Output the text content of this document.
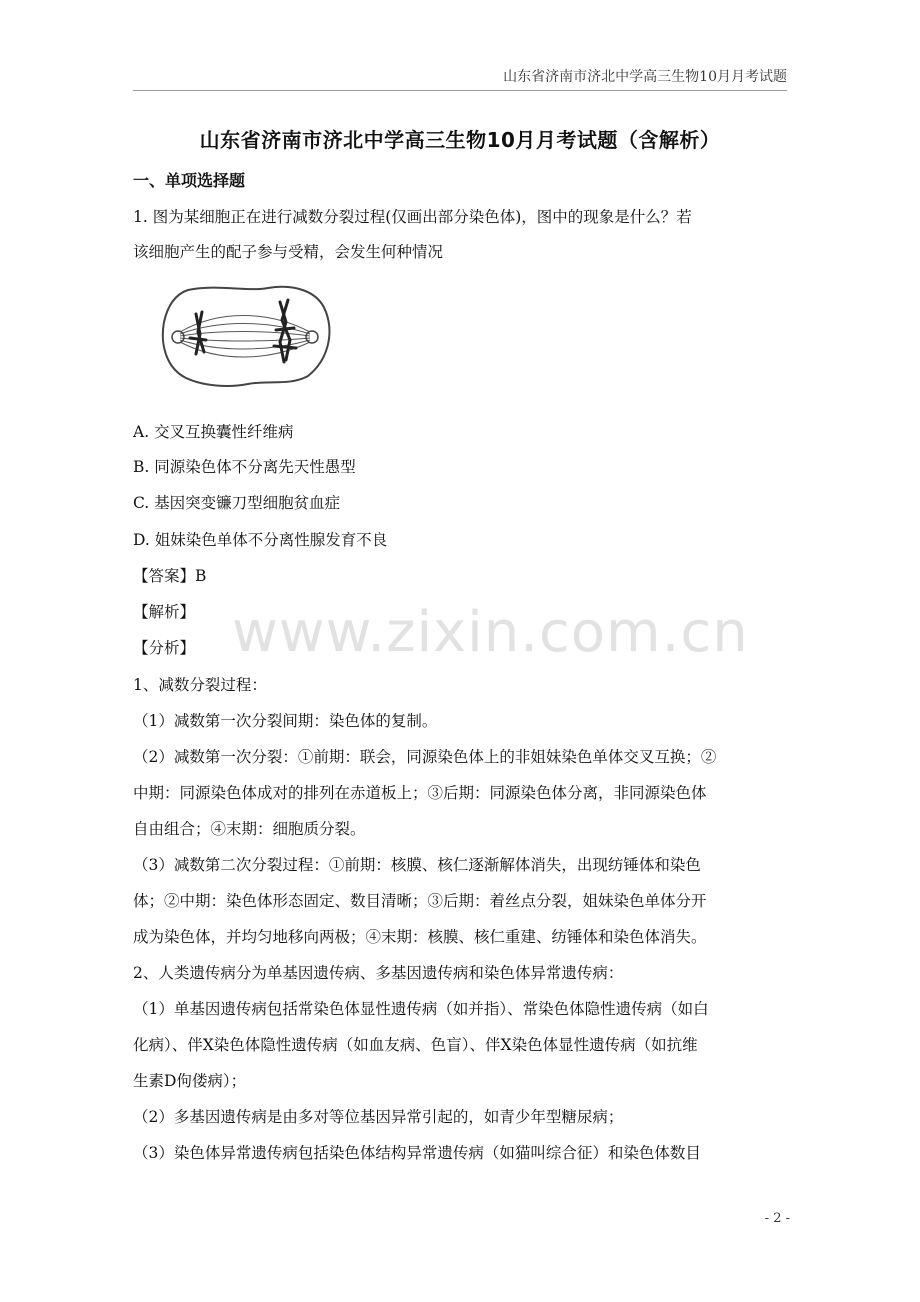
山东省济南市济北中学高三生物10月月考试题
山东省济南市济北中学高三生物10月月考试题（含解析）
一、单项选择题
1. 图为某细胞正在进行减数分裂过程(仅画出部分染色体)，图中的现象是什么？若
该细胞产生的配子参与受精，会发生何种情况
A. 交叉互换囊性纤维病
B. 同源染色体不分离先天性愚型
C. 基因突变镰刀型细胞贫血症
D. 姐妹染色单体不分离性腺发育不良
【答案】B
【解析】
【分析】 www.zixin.com.cn
1、减数分裂过程：
（1）减数第一次分裂间期：染色体的复制。
（2）减数第一次分裂：①前期：联会，同源染色体上的非姐妹染色单体交叉互换；②
中期：同源染色体成对的排列在赤道板上；③后期：同源染色体分离，非同源染色体
自由组合；④末期：细胞质分裂。
（3）减数第二次分裂过程：①前期：核膜、核仁逐渐解体消失，出现纺锤体和染色
体；②中期：染色体形态固定、数目清晰；③后期：着丝点分裂，姐妹染色单体分开
成为染色体，并均匀地移向两极；④末期：核膜、核仁重建、纺锤体和染色体消失。
2、人类遗传病分为单基因遗传病、多基因遗传病和染色体异常遗传病：
（1）单基因遗传病包括常染色体显性遗传病（如并指）、常染色体隐性遗传病（如白
化病）、伴X染色体隐性遗传病（如血友病、色盲）、伴X染色体显性遗传病（如抗维
生素D佝偻病）；
（2）多基因遗传病是由多对等位基因异常引起的，如青少年型糖尿病；
（3）染色体异常遗传病包括染色体结构异常遗传病（如猫叫综合征）和染色体数目
- 2 -
